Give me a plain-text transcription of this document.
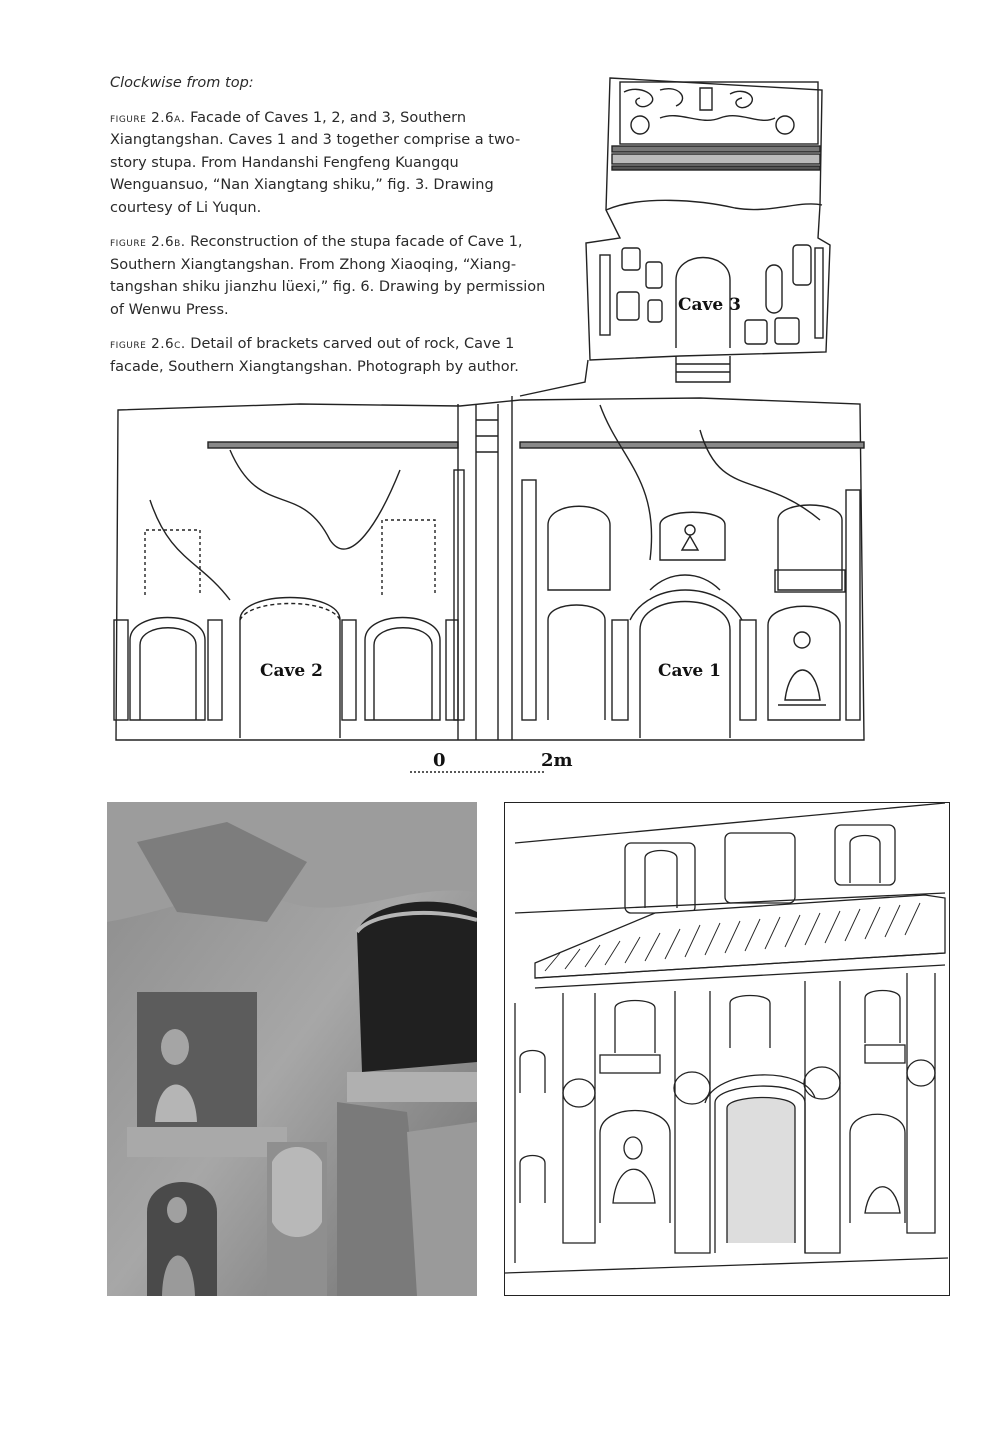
Clockwise from top:

figure 2.6a. Facade of Caves 1, 2, and 3, Southern Xiangtangshan. Caves 1 and 3 together comprise a two-story stupa. From Handanshi Fengfeng Kuangqu Wenguansuo, “Nan Xiangtang shiku,” fig. 3. Drawing courtesy of Li Yuqun.

figure 2.6b. Reconstruction of the stupa facade of Cave 1, Southern Xiangtangshan. From Zhong Xiaoqing, “Xiangtangshan shiku jianzhu lüexi,” fig. 6. Drawing by permission of Wenwu Press.

figure 2.6c. Detail of brackets carved out of rock, Cave 1 facade, Southern Xiangtangshan. Photograph by author.

Cave 3
Cave 2	Cave 1
0	2m
